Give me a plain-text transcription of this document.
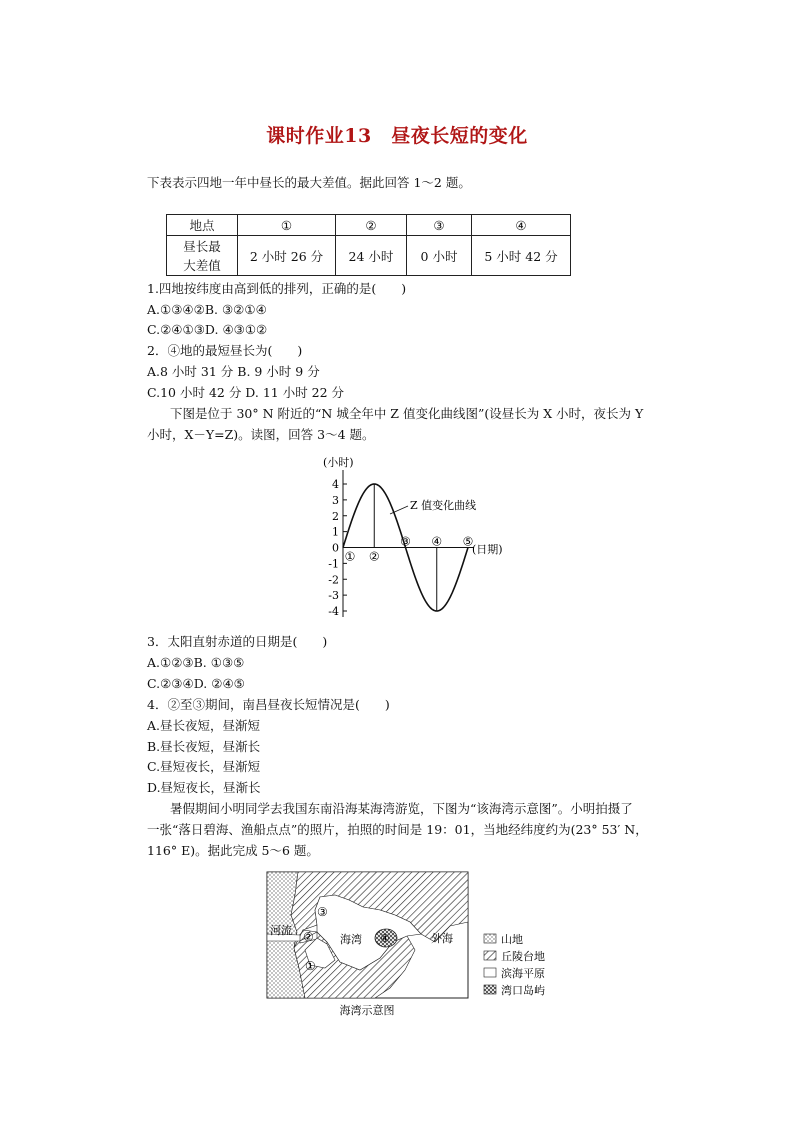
课时作业13　昼夜长短的变化
下表表示四地一年中昼长的最大差值。据此回答 1～2 题。
地点	①	②	③	④

昼长最
大差值	2 小时 26 分	24 小时	0 小时	5 小时 42 分
1.四地按纬度由高到低的排列，正确的是(　　)
A.①③④②B. ③②①④
C.②④①③D. ④③①②
2．④地的最短昼长为(　　)
A.8 小时 31 分 B. 9 小时 9 分
C.10 小时 42 分 D. 11 小时 22 分
下图是位于 30° N 附近的“N 城全年中 Z 值变化曲线图”(设昼长为 X 小时，夜长为 Y
小时，X－Y=Z)。读图，回答 3～4 题。
(小时)
4
3
2
1
0
-1
-2
-3
-4
① ②
③ ④ ⑤
Z 值变化曲线
(日期)
3．太阳直射赤道的日期是(　　)
A.①②③B. ①③⑤
C.②③④D. ②④⑤
4．②至③期间，南昌昼夜长短情况是(　　)
A.昼长夜短，昼渐短
B.昼长夜短，昼渐长
C.昼短夜长，昼渐短
D.昼短夜长，昼渐长
暑假期间小明同学去我国东南沿海某海湾游览，下图为“该海湾示意图”。小明拍摄了
一张“落日碧海、渔船点点”的照片，拍照的时间是 19：01，当地经纬度约为(23° 53′ N，
116° E)。据此完成 5～6 题。
河流
海湾	外海
①
②
③
④	山地
丘陵台地
滨海平原
湾口岛屿
海湾示意图
